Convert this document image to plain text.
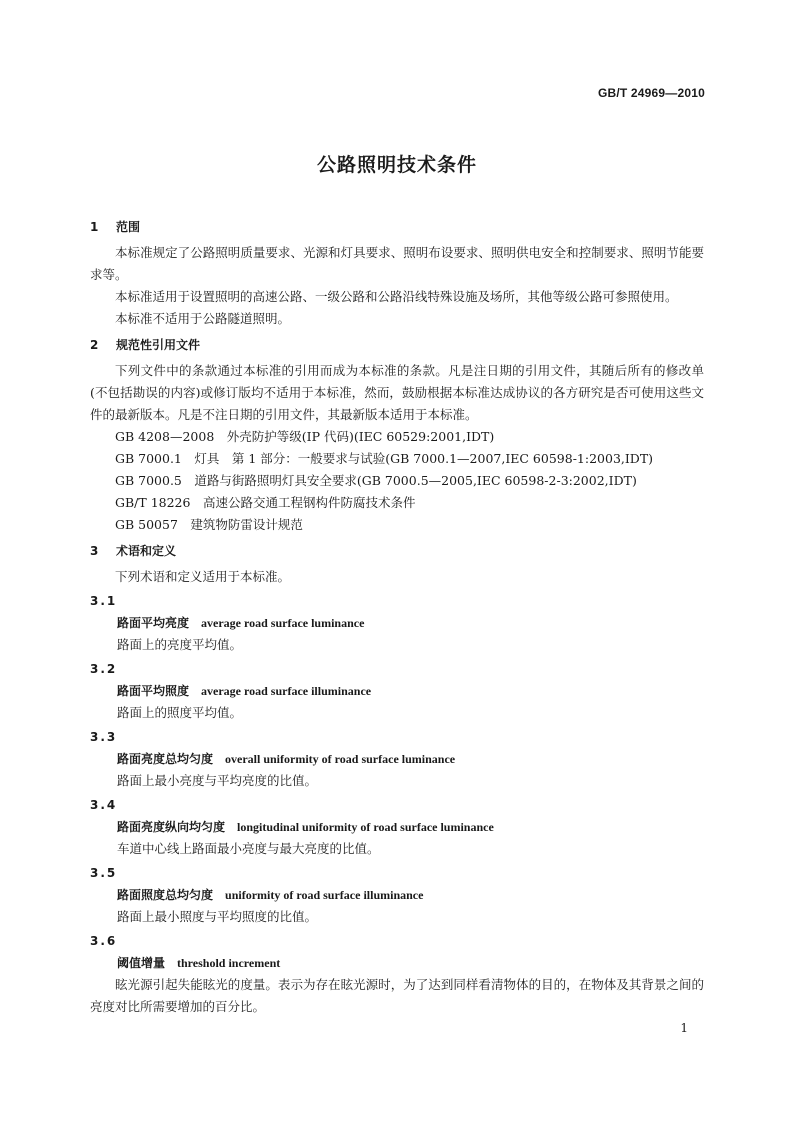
GB/T 24969—2010
公路照明技术条件
1 范围

本标准规定了公路照明质量要求、光源和灯具要求、照明布设要求、照明供电安全和控制要求、照明节能要求等。

本标准适用于设置照明的高速公路、一级公路和公路沿线特殊设施及场所，其他等级公路可参照使用。

本标准不适用于公路隧道照明。

2 规范性引用文件

下列文件中的条款通过本标准的引用而成为本标准的条款。凡是注日期的引用文件，其随后所有的修改单(不包括勘误的内容)或修订版均不适用于本标准，然而，鼓励根据本标准达成协议的各方研究是否可使用这些文件的最新版本。凡是不注日期的引用文件，其最新版本适用于本标准。

GB 4208—2008　外壳防护等级(IP 代码)(IEC 60529:2001,IDT)
GB 7000.1　灯具　第 1 部分：一般要求与试验(GB 7000.1—2007,IEC 60598-1:2003,IDT)
GB 7000.5　道路与街路照明灯具安全要求(GB 7000.5—2005,IEC 60598-2-3:2002,IDT)
GB/T 18226　高速公路交通工程钢构件防腐技术条件
GB 50057　建筑物防雷设计规范
3 术语和定义

下列术语和定义适用于本标准。

3.1
路面平均亮度 average road surface luminance
路面上的亮度平均值。
3.2
路面平均照度 average road surface illuminance
路面上的照度平均值。
3.3
路面亮度总均匀度 overall uniformity of road surface luminance
路面上最小亮度与平均亮度的比值。
3.4
路面亮度纵向均匀度 longitudinal uniformity of road surface luminance
车道中心线上路面最小亮度与最大亮度的比值。
3.5
路面照度总均匀度 uniformity of road surface illuminance
路面上最小照度与平均照度的比值。
3.6
阈值增量 threshold increment

眩光源引起失能眩光的度量。表示为存在眩光源时，为了达到同样看清物体的目的，在物体及其背景之间的亮度对比所需要增加的百分比。

1
